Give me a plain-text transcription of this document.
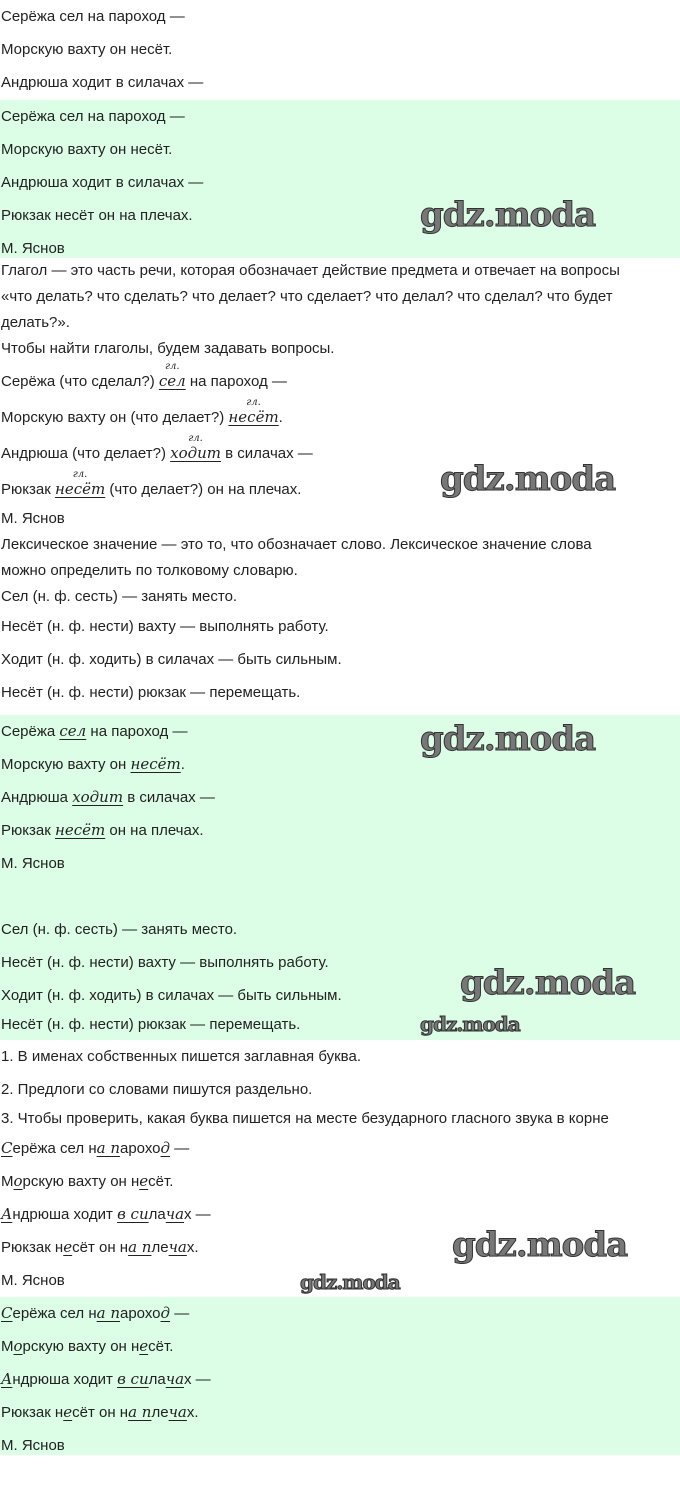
Серёжа сел на пароход —
Морскую вахту он несёт.
Андрюша ходит в силачах —
Серёжа сел на пароход —
Морскую вахту он несёт.
Андрюша ходит в силачах —
Рюкзак несёт он на плечах.
М. Яснов
Глагол — это часть речи, которая обозначает действие предмета и отвечает на вопросы
«что делать? что сделать? что делает? что сделает? что делал? что сделал? что будет
делать?».
Чтобы найти глаголы, будем задавать вопросы.
Серёжа (что сделал?)
гл.
сел на пароход —
Морскую вахту он (что делает?)
гл.
несёт.
Андрюша (что делает?)
гл.
ходит в силачах —
Рюкзак
гл.
несёт (что делает?) он на плечах.
М. Яснов
Лексическое значение — это то, что обозначает слово. Лексическое значение слова
можно определить по толковому словарю.
Сел (н. ф. сесть) — занять место.
Несёт (н. ф. нести) вахту — выполнять работу.
Ходит (н. ф. ходить) в силачах — быть сильным.
Несёт (н. ф. нести) рюкзак — перемещать.
Серёжа сел на пароход —
Морскую вахту он несёт.
Андрюша ходит в силачах —
Рюкзак несёт он на плечах.
М. Яснов
Сел (н. ф. сесть) — занять место.
Несёт (н. ф. нести) вахту — выполнять работу.
Ходит (н. ф. ходить) в силачах — быть сильным.
Несёт (н. ф. нести) рюкзак — перемещать.
1. В именах собственных пишется заглавная буква.
2. Предлоги со словами пишутся раздельно.
3. Чтобы проверить, какая буква пишется на месте безударного гласного звука в корне
Серёжа сел на пароход —
Морскую вахту он несёт.
Андрюша ходит в силачах —
Рюкзак несёт он на плечах.
М. Яснов
Серёжа сел на пароход —
Морскую вахту он несёт.
Андрюша ходит в силачах —
Рюкзак несёт он на плечах.
М. Яснов
gdz.moda
gdz.moda
gdz.moda
gdz.moda
gdz.moda
gdz.moda
gdz.moda
